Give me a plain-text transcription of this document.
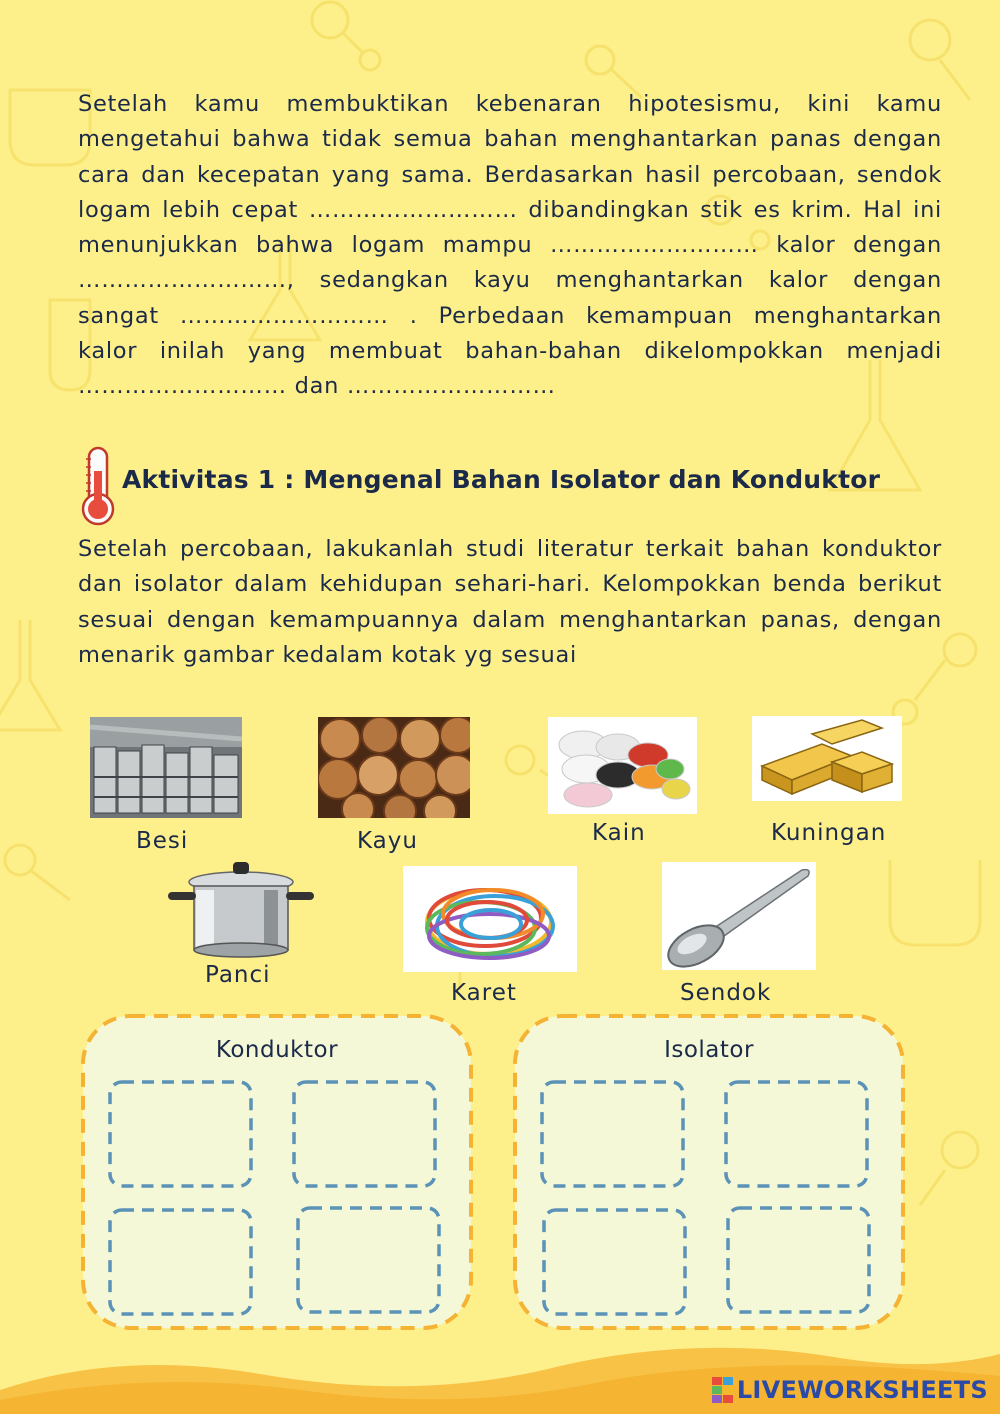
Setelah kamu membuktikan kebenaran hipotesismu, kini kamu mengetahui bahwa tidak semua bahan menghantarkan panas dengan cara dan kecepatan yang sama. Berdasarkan hasil percobaan, sendok logam lebih cepat ……………………… dibandingkan stik es krim. Hal ini menunjukkan bahwa logam mampu ……………………… kalor dengan ………………………, sedangkan kayu menghantarkan kalor dengan sangat ……………………… . Perbedaan kemampuan menghantarkan kalor inilah yang membuat bahan-bahan dikelompokkan menjadi ……………………… dan ………………………
Aktivitas 1 : Mengenal Bahan Isolator dan Konduktor
Setelah percobaan, lakukanlah studi literatur terkait bahan konduktor dan isolator dalam kehidupan sehari-hari. Kelompokkan benda berikut sesuai dengan kemampuannya dalam menghantarkan panas, dengan menarik gambar kedalam kotak yg sesuai
Besi	Kayu	Kain	Kuningan
Panci
Karet	Sendok
Konduktor	Isolator
LIVEWORKSHEETS
